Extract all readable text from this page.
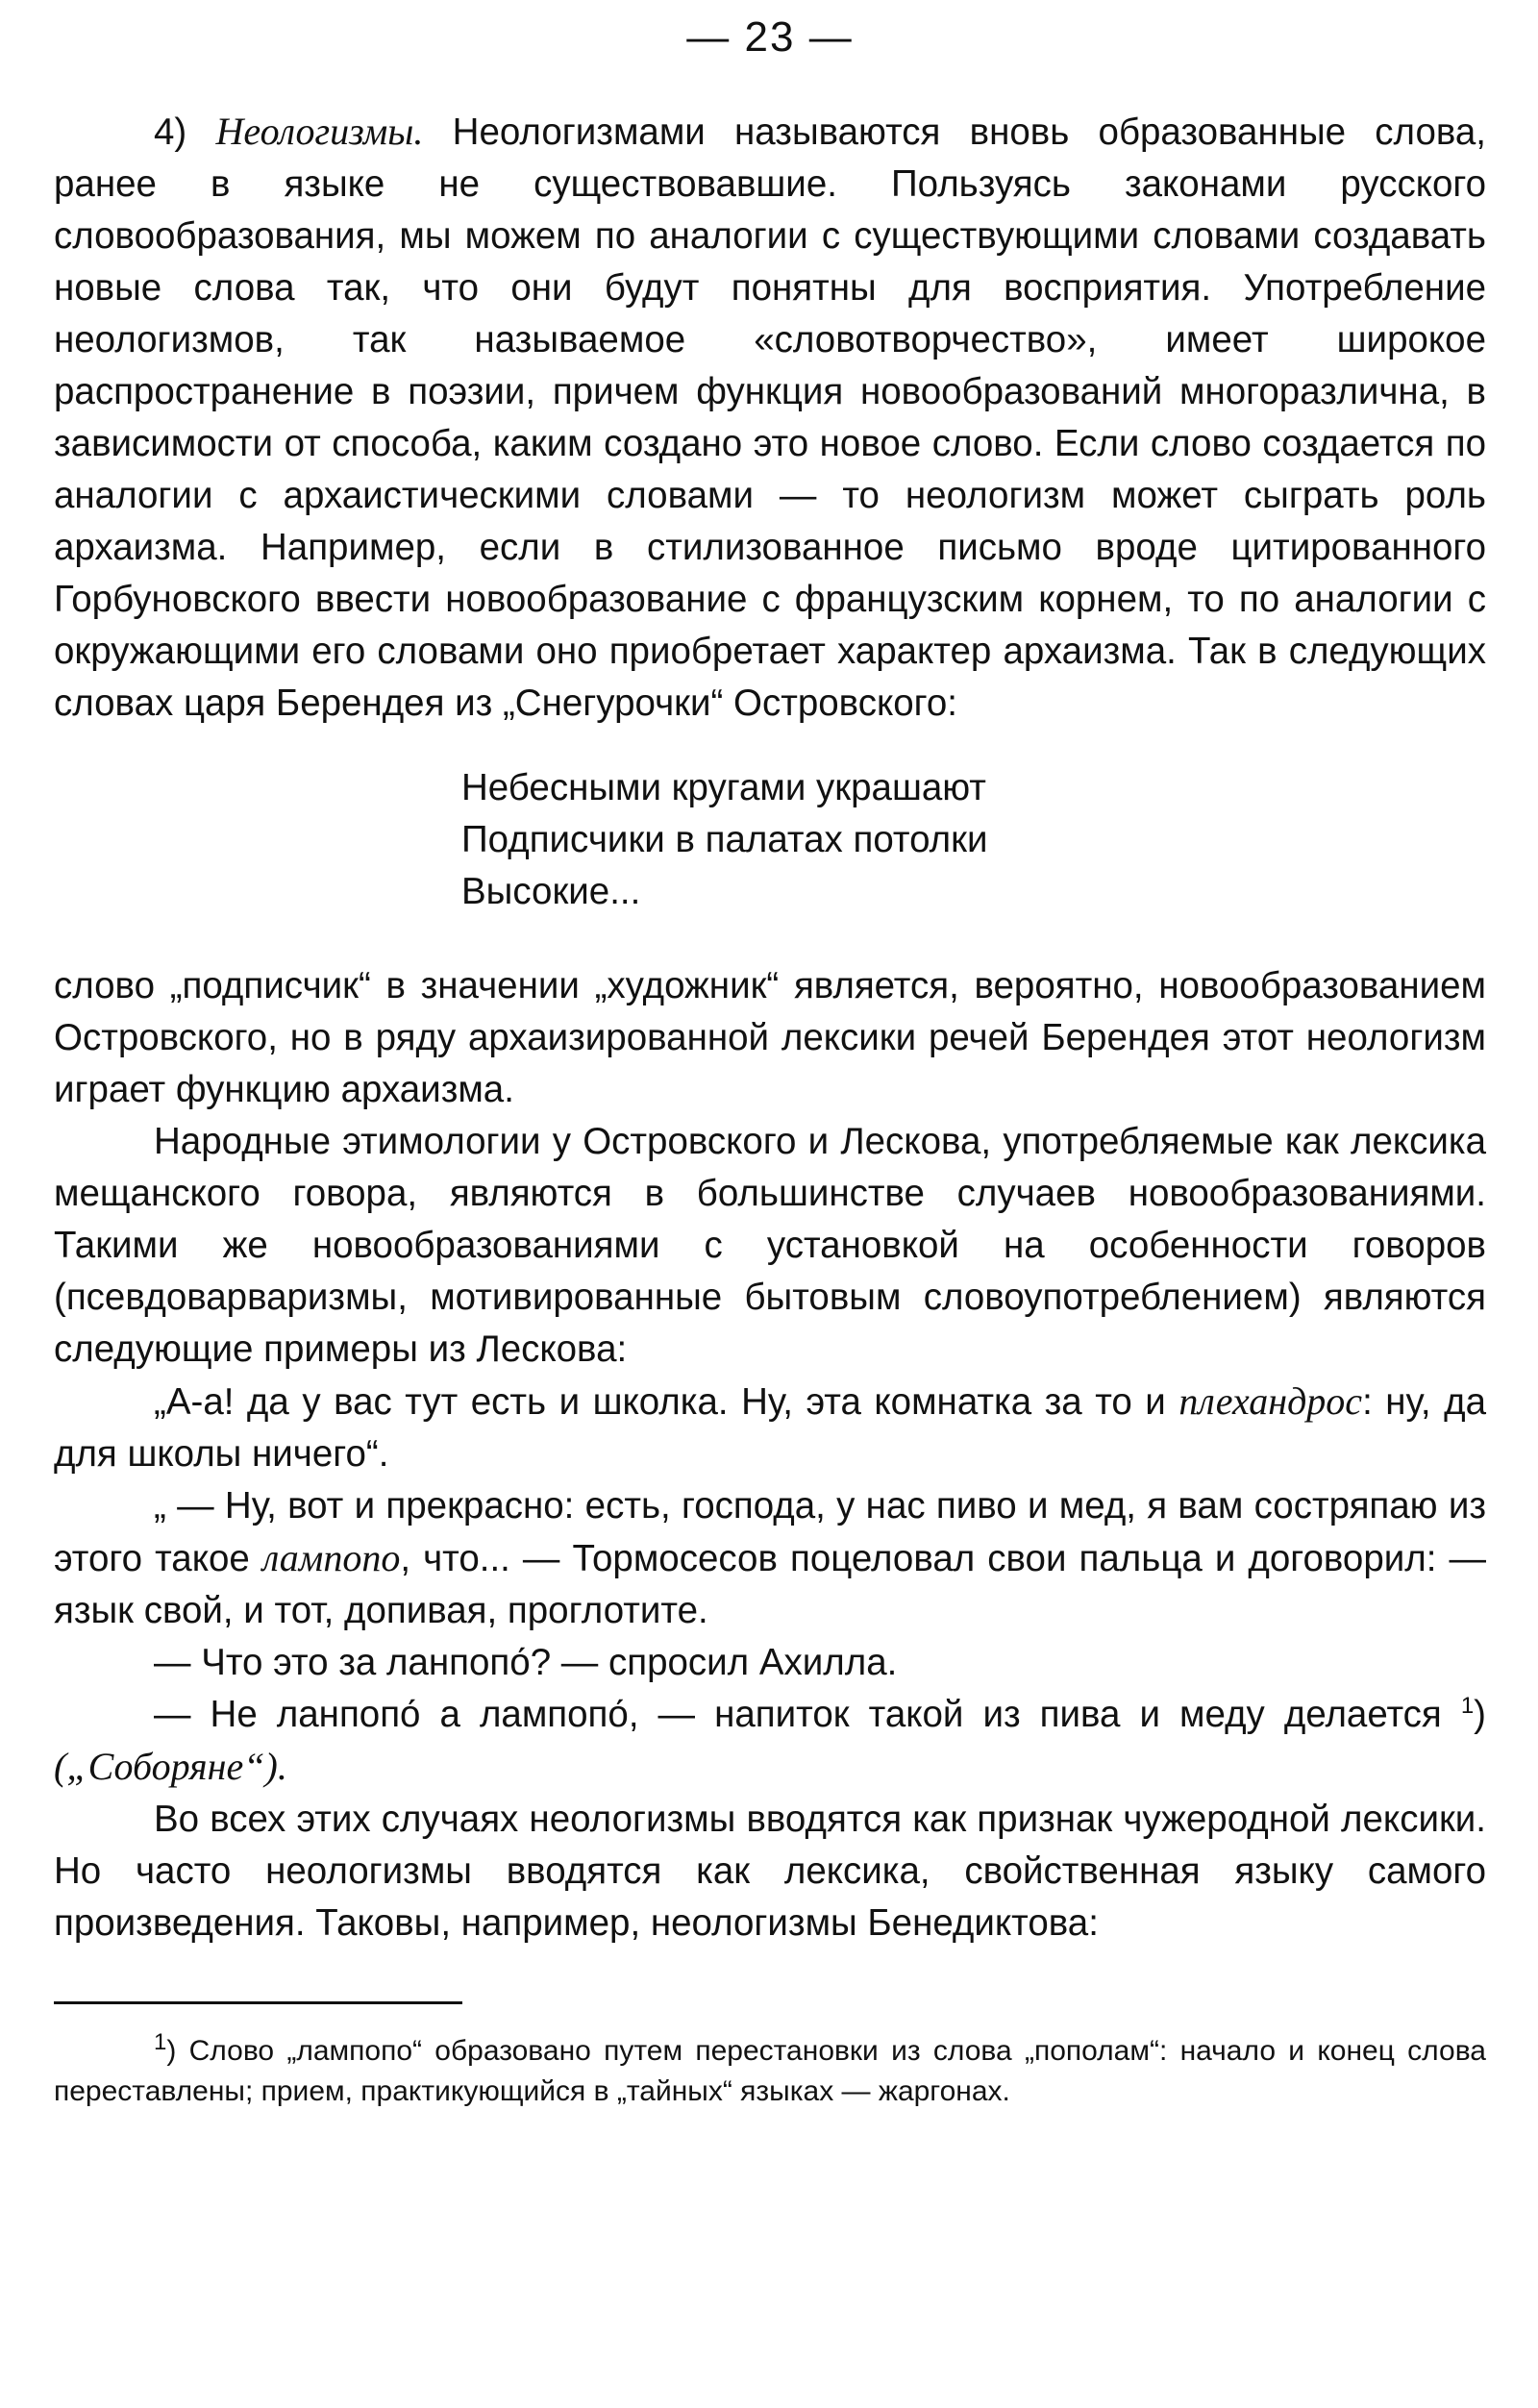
— 23 —

4) Неологизмы. Неологизмами называются вновь образованные слова, ранее в языке не существовавшие. Пользуясь законами русского словообразования, мы можем по аналогии с существующими словами создавать новые слова так, что они будут понятны для восприятия. Употребление неологизмов, так называемое «словотворчество», имеет широкое распространение в поэзии, причем функция новообразований многоразлична, в зависимости от способа, каким создано это новое слово. Если слово создается по аналогии с архаистическими словами — то неологизм может сыграть роль архаизма. Например, если в стилизованное письмо вроде цитированного Горбуновского ввести новообразование с французским корнем, то по аналогии с окружающими его словами оно приобретает характер архаизма. Так в следующих словах царя Берендея из „Снегурочки“ Островского:

Небесными кругами украшают
Подписчики в палатах потолки
Высокие...

слово „подписчик“ в значении „художник“ является, вероятно, новообразованием Островского, но в ряду архаизированной лексики речей Берендея этот неологизм играет функцию архаизма.

Народные этимологии у Островского и Лескова, употребляемые как лексика мещанского говора, являются в большинстве случаев новообразованиями. Такими же новообразованиями с установкой на особенности говоров (псевдоварваризмы, мотивированные бытовым словоупотреблением) являются следующие примеры из Лескова:

„А-а! да у вас тут есть и школка. Ну, эта комнатка за то и плехандрос: ну, да для школы ничего“.

„ — Ну, вот и прекрасно: есть, господа, у нас пиво и мед, я вам состряпаю из этого такое лампопо, что... — Тормосесов поцеловал свои пальца и договорил: — язык свой, и тот, допивая, проглотите.

— Что это за ланпопо́? — спросил Ахилла.

— Не ланпопо́ а лампопо́, — напиток такой из пива и меду делается $^1$) („Соборяне“).

Во всех этих случаях неологизмы вводятся как признак чужеродной лексики. Но часто неологизмы вводятся как лексика, свойственная языку самого произведения. Таковы, например, неологизмы Бенедиктова:

$^1$) Слово „лампопо“ образовано путем перестановки из слова „пополам“: начало и конец слова переставлены; прием, практикующийся в „тайных“ языках — жаргонах.
